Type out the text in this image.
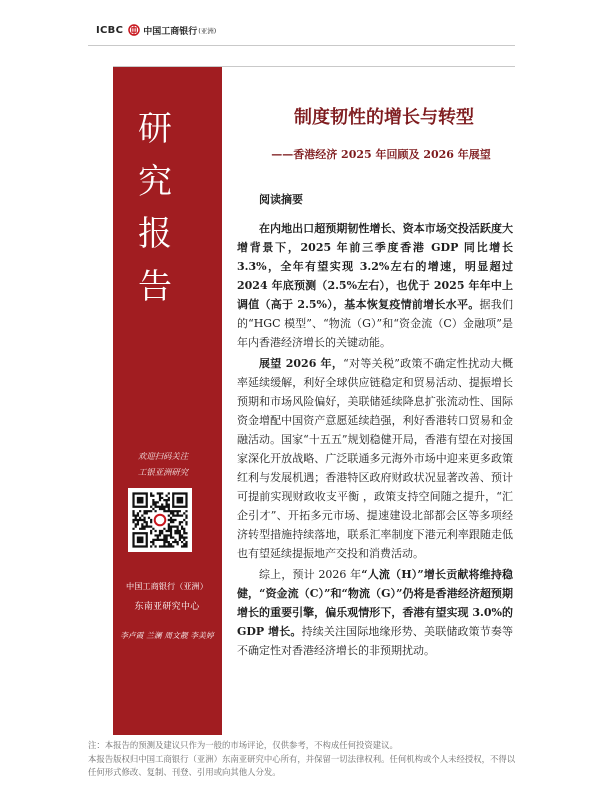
ICBC 中国工商银行 (亚洲)
研究报告
欢迎扫码关注
工银亚洲研究
中国工商银行（亚洲）
东南亚研究中心
李卢霞 兰澜 周文靓 李美婷
制度韧性的增长与转型
——香港经济 2025 年回顾及 2026 年展望
阅读摘要

在内地出口超预期韧性增长、资本市场交投活跃度大增背景下，2025 年前三季度香港 GDP 同比增长 3.3%，全年有望实现 3.2%左右的增速，明显超过 2024 年底预测（2.5%左右），也优于 2025 年年中上调值（高于 2.5%），基本恢复疫情前增长水平。据我们的“HGC 模型”、“物流（G）”和“资金流（C）金融项”是年内香港经济增长的关键动能。

展望 2026 年，“对等关税”政策不确定性扰动大概率延续缓解，利好全球供应链稳定和贸易活动、提振增长预期和市场风险偏好，美联储延续降息扩张流动性、国际资金增配中国资产意愿延续趋强，利好香港转口贸易和金融活动。国家“十五五”规划稳健开局，香港有望在对接国家深化开放战略、广泛联通多元海外市场中迎来更多政策红利与发展机遇；香港特区政府财政状况显著改善、预计可提前实现财政收支平衡 ，政策支持空间随之提升，“汇企引才”、开拓多元市场、提速建设北部都会区等多项经济转型措施持续落地，联系汇率制度下港元利率跟随走低也有望延续提振地产交投和消费活动。

综上，预计 2026 年“人流（H）”增长贡献将维持稳健，“资金流（C）”和“物流（G）”仍将是香港经济超预期增长的重要引擎，偏乐观情形下，香港有望实现 3.0%的 GDP 增长。持续关注国际地缘形势、美联储政策节奏等不确定性对香港经济增长的非预期扰动。

注：本报告的预测及建议只作为一般的市场评论，仅供参考，不构成任何投资建议。

本报告版权归中国工商银行（亚洲）东南亚研究中心所有，并保留一切法律权利。任何机构或个人未经授权，不得以任何形式修改、复制、刊登、引用或向其他人分发。
